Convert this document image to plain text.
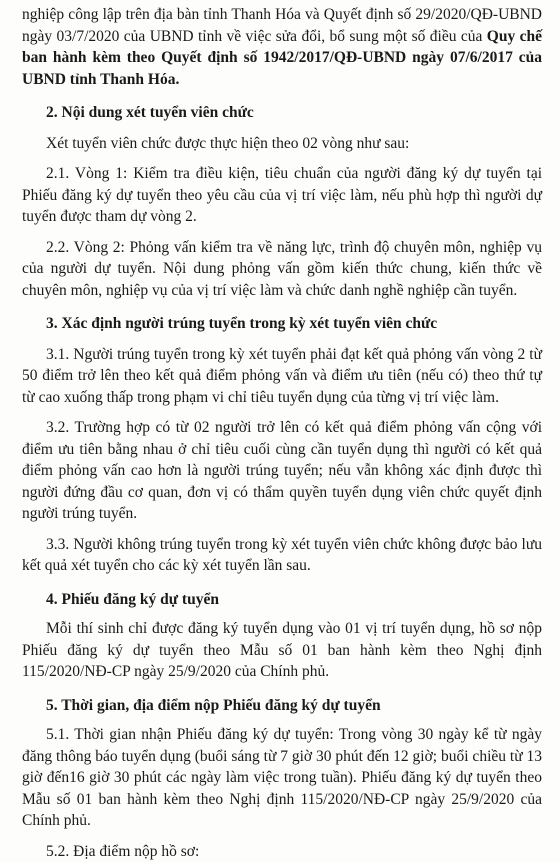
nghiệp công lập trên địa bàn tỉnh Thanh Hóa và Quyết định số 29/2020/QĐ-UBND ngày 03/7/2020 của UBND tỉnh về việc sửa đổi, bổ sung một số điều của Quy chế ban hành kèm theo Quyết định số 1942/2017/QĐ-UBND ngày 07/6/2017 của UBND tỉnh Thanh Hóa.

2. Nội dung xét tuyển viên chức

Xét tuyển viên chức được thực hiện theo 02 vòng như sau:

2.1. Vòng 1: Kiểm tra điều kiện, tiêu chuẩn của người đăng ký dự tuyển tại Phiếu đăng ký dự tuyển theo yêu cầu của vị trí việc làm, nếu phù hợp thì người dự tuyển được tham dự vòng 2.

2.2. Vòng 2: Phỏng vấn kiểm tra về năng lực, trình độ chuyên môn, nghiệp vụ của người dự tuyển. Nội dung phỏng vấn gồm kiến thức chung, kiến thức về chuyên môn, nghiệp vụ của vị trí việc làm và chức danh nghề nghiệp cần tuyển.

3. Xác định người trúng tuyển trong kỳ xét tuyển viên chức

3.1. Người trúng tuyển trong kỳ xét tuyển phải đạt kết quả phỏng vấn vòng 2 từ 50 điểm trở lên theo kết quả điểm phỏng vấn và điểm ưu tiên (nếu có) theo thứ tự từ cao xuống thấp trong phạm vi chỉ tiêu tuyển dụng của từng vị trí việc làm.

3.2. Trường hợp có từ 02 người trở lên có kết quả điểm phỏng vấn cộng với điểm ưu tiên bằng nhau ở chỉ tiêu cuối cùng cần tuyển dụng thì người có kết quả điểm phỏng vấn cao hơn là người trúng tuyển; nếu vẫn không xác định được thì người đứng đầu cơ quan, đơn vị có thẩm quyền tuyển dụng viên chức quyết định người trúng tuyển.

3.3. Người không trúng tuyển trong kỳ xét tuyển viên chức không được bảo lưu kết quả xét tuyển cho các kỳ xét tuyển lần sau.

4. Phiếu đăng ký dự tuyển

Mỗi thí sinh chỉ được đăng ký tuyển dụng vào 01 vị trí tuyển dụng, hồ sơ nộp Phiếu đăng ký dự tuyển theo Mẫu số 01 ban hành kèm theo Nghị định 115/2020/NĐ-CP ngày 25/9/2020 của Chính phủ.

5. Thời gian, địa điểm nộp Phiếu đăng ký dự tuyển

5.1. Thời gian nhận Phiếu đăng ký dự tuyển: Trong vòng 30 ngày kể từ ngày đăng thông báo tuyển dụng (buổi sáng từ 7 giờ 30 phút đến 12 giờ; buổi chiều từ 13 giờ đến16 giờ 30 phút các ngày làm việc trong tuần). Phiếu đăng ký dự tuyển theo Mẫu số 01 ban hành kèm theo Nghị định 115/2020/NĐ-CP ngày 25/9/2020 của Chính phủ.

5.2. Địa điểm nộp hồ sơ:
